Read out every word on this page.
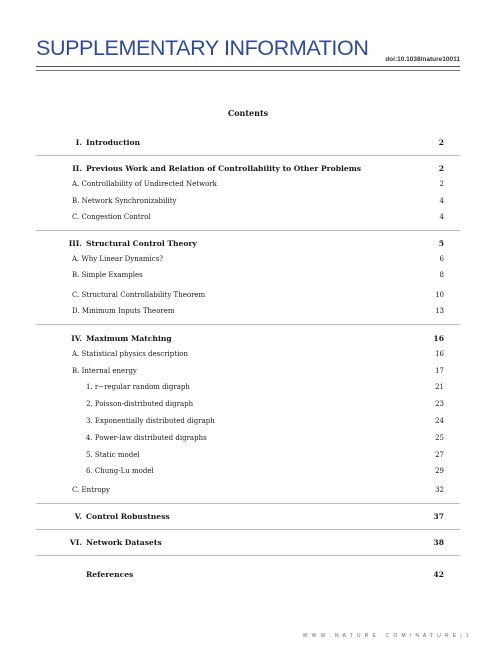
SUPPLEMENTARY INFORMATION	doi:10.1038/nature10011
Contents
I. Introduction	2
II. Previous Work and Relation of Controllability to Other Problems	2
A. Controllability of Undirected Network	2
B. Network Synchronizability	4
C. Congestion Control	4
III. Structural Control Theory	5
A. Why Linear Dynamics?	6
B. Simple Examples	8
C. Structural Controllability Theorem	10
D. Minimum Inputs Theorem	13
IV. Maximum Matching	16
A. Statistical physics description	16
B. Internal energy	17
1. r−regular random digraph	21
2. Poisson-distributed digraph	23
3. Exponentially distributed digraph	24
4. Power-law distributed digraphs	25
5. Static model	27
6. Chung-Lu model	29
C. Entropy	32
V. Control Robustness	37
VI. Network Datasets	38
References	42
W W W . N A T U R E . C O M / N A T U R E | 1
